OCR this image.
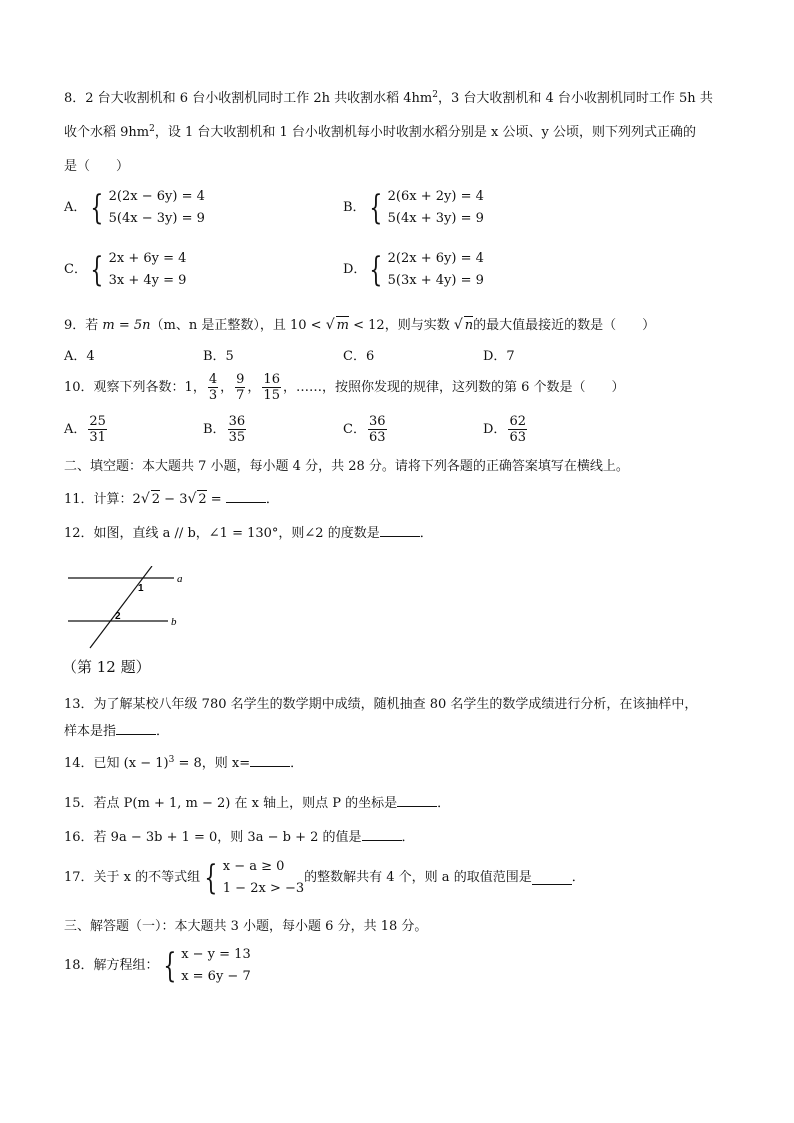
8．2 台大收割机和 6 台小收割机同时工作 2h 共收割水稻 $4hm^2$，3 台大收割机和 4 台小收割机同时工作 5h 共
收个水稻 $9hm^2$，设 1 台大收割机和 1 台小收割机每小时收割水稻分别是 x 公顷、y 公顷，则下列列式正确的
是（　　）
A． { 2(2x − 6y) = 4
5(4x − 3y) = 9
B． { 2(6x + 2y) = 4
5(4x + 3y) = 9
C． { 2x + 6y = 4
3x + 4y = 9
D． { 2(2x + 6y) = 4
5(3x + 4y) = 9
9．若 m = 5n（m、n 是正整数），且 10 < √ m < 12，则与实数 √ n的最大值最接近的数是（　　）
A．4	B．5	C．6	D．7
10．观察下列各数：1， $\frac{4}{3}$ ， $\frac{9}{7}$ ， $\frac{16}{15}$ ，……，按照你发现的规律，这列数的第 6 个数是（　　）
A． $\frac{25}{31}$	B． $\frac{36}{35}$	C． $\frac{36}{63}$	D． $\frac{62}{63}$
二、填空题：本大题共 7 小题，每小题 4 分，共 28 分。请将下列各题的正确答案填写在横线上。
11．计算：2√ 2 − 3√ 2 =	．
12．如图，直线 a // b，∠1 = 130°，则∠2 的度数是	．
a
b
1
2
（第 12 题）
13．为了解某校八年级 780 名学生的数学期中成绩，随机抽查 80 名学生的数学成绩进行分析，在该抽样中，
样本是指	．
14．已知 $(x - 1)^3 = 8$，则 x=	．
15．若点 P(m + 1, m − 2) 在 x 轴上，则点 P 的坐标是	．
16．若 9a − 3b + 1 = 0，则 3a − b + 2 的值是	．
17．关于 x 的不等式组 { x − a ≥ 0
1 − 2x > −3
的整数解共有 4 个，则 a 的取值范围是	．
三、解答题（一）：本大题共 3 小题，每小题 6 分，共 18 分。
18．解方程组： { x − y = 13
x = 6y − 7
